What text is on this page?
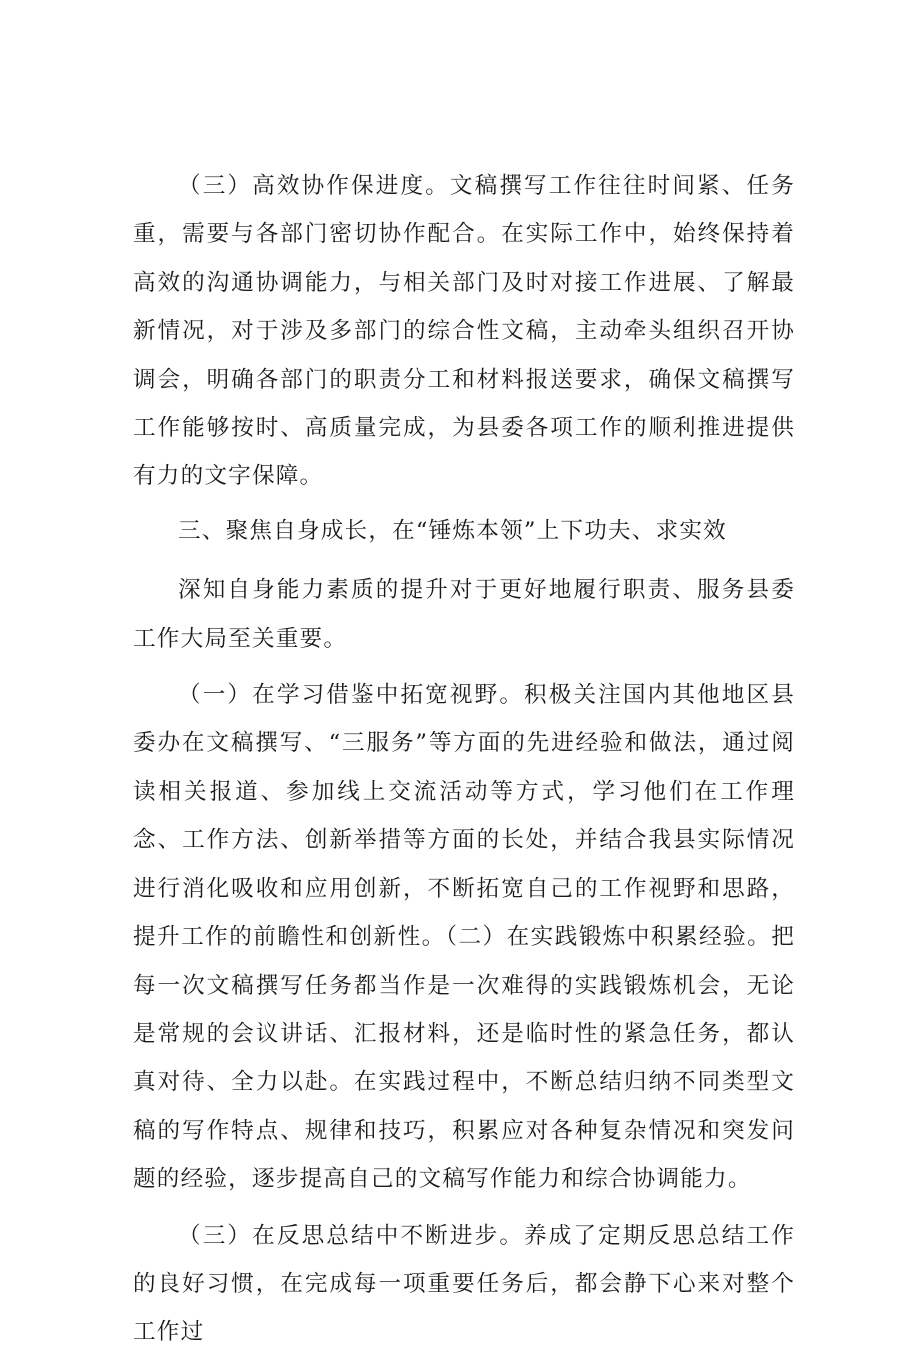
（三）高效协作保进度。文稿撰写工作往往时间紧、任务重，需要与各部门密切协作配合。在实际工作中，始终保持着高效的沟通协调能力，与相关部门及时对接工作进展、了解最新情况，对于涉及多部门的综合性文稿，主动牵头组织召开协调会，明确各部门的职责分工和材料报送要求，确保文稿撰写工作能够按时、高质量完成，为县委各项工作的顺利推进提供有力的文字保障。

三、聚焦自身成长，在“锤炼本领”上下功夫、求实效

深知自身能力素质的提升对于更好地履行职责、服务县委工作大局至关重要。

（一）在学习借鉴中拓宽视野。积极关注国内其他地区县委办在文稿撰写、“三服务”等方面的先进经验和做法，通过阅读相关报道、参加线上交流活动等方式，学习他们在工作理念、工作方法、创新举措等方面的长处，并结合我县实际情况进行消化吸收和应用创新，不断拓宽自己的工作视野和思路，提升工作的前瞻性和创新性。（二）在实践锻炼中积累经验。把每一次文稿撰写任务都当作是一次难得的实践锻炼机会，无论是常规的会议讲话、汇报材料，还是临时性的紧急任务，都认真对待、全力以赴。在实践过程中，不断总结归纳不同类型文稿的写作特点、规律和技巧，积累应对各种复杂情况和突发问题的经验，逐步提高自己的文稿写作能力和综合协调能力。

（三）在反思总结中不断进步。养成了定期反思总结工作的良好习惯，在完成每一项重要任务后，都会静下心来对整个工作过
